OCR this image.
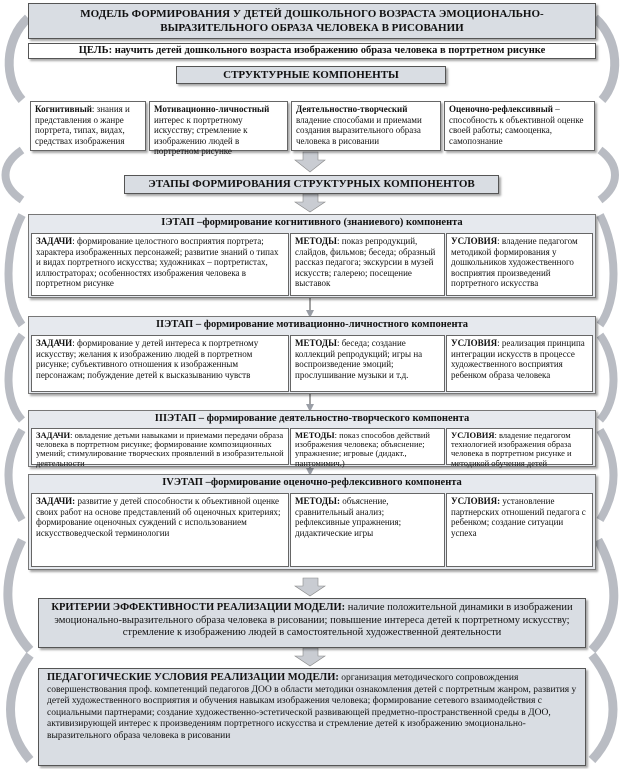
МОДЕЛЬ ФОРМИРОВАНИЯ У ДЕТЕЙ ДОШКОЛЬНОГО ВОЗРАСТА ЭМОЦИОНАЛЬНО-ВЫРАЗИТЕЛЬНОГО ОБРАЗА ЧЕЛОВЕКА В РИСОВАНИИ
ЦЕЛЬ: научить детей дошкольного возраста изображению образа человека в портретном рисунке
СТРУКТУРНЫЕ КОМПОНЕНТЫ
Когнитивный: знания и представления о жанре портрета, типах, видах, средствах изображения
Мотивационно-личностный интерес к портретному искусству; стремление к изображению людей в портретном рисунке
Деятельностно-творческий владение способами и приемами создания выразительного образа человека в рисовании
Оценочно-рефлексивный – способность к объективной оценке своей работы; самооценка, самопознание
ЭТАПЫ ФОРМИРОВАНИЯ СТРУКТУРНЫХ КОМПОНЕНТОВ
IЭТАП –формирование когнитивного (знаниевого) компонента
ЗАДАЧИ: формирование целостного восприятия портрета; характера изображенных персонажей; развитие знаний о типах и видах портретного искусства; художниках – портретистах, иллюстраторах; особенностях изображения человека в портретном рисунке
МЕТОДЫ: показ репродукций, слайдов, фильмов; беседа; образный рассказ педагога; экскурсии в музей искусств; галерею; посещение выставок
УСЛОВИЯ: владение педагогом методикой формирования у дошкольников художественного восприятия произведений портретного искусства
IIЭТАП – формирование мотивационно-личностного компонента
ЗАДАЧИ: формирование у детей интереса к портретному искусству; желания к изображению людей в портретном рисунке; субъективного отношения к изображенным персонажам; побуждение детей к высказыванию чувств
МЕТОДЫ: беседа; создание коллекций репродукций; игры на воспроизведение эмоций; прослушивание музыки и т.д.
УСЛОВИЯ: реализация принципа интеграции искусств в процессе художественного восприятия ребенком образа человека
IIIЭТАП – формирование деятельностно-творческого компонента
ЗАДАЧИ: овладение детьми навыками и приемами передачи образа человека в портретном рисунке; формирование композиционных умений; стимулирование творческих проявлений в изобразительной деятельности
МЕТОДЫ: показ способов действий изображения человека; объяснение; упражнение; игровые (дидакт., пантомимич.)
УСЛОВИЯ: владение педагогом технологией изображения образа человека в портретном рисунке и методикой обучения детей
IVЭТАП –формирование оценочно-рефлексивного компонента
ЗАДАЧИ: развитие у детей способности к объективной оценке своих работ на основе представлений об оценочных критериях; формирование оценочных суждений с использованием искусствоведческой терминологии
МЕТОДЫ: объяснение, сравнительный анализ; рефлексивные упражнения; дидактические игры
УСЛОВИЯ: установление партнерских отношений педагога с ребенком; создание ситуации успеха
КРИТЕРИИ ЭФФЕКТИВНОСТИ РЕАЛИЗАЦИИ МОДЕЛИ: наличие положительной динамики в изображении эмоционально-выразительного образа человека в рисовании; повышение интереса детей к портретному искусству; стремление к изображению людей в самостоятельной художественной деятельности
ПЕДАГОГИЧЕСКИЕ УСЛОВИЯ РЕАЛИЗАЦИИ МОДЕЛИ: организация методического сопровождения совершенствования проф. компетенций педагогов ДОО в области методики ознакомления детей с портретным жанром, развития у детей художественного восприятия и обучения навыкам изображения человека; формирование сетевого взаимодействия с социальными партнерами; создание художественно-эстетической развивающей предметно-пространственной среды в ДОО, активизирующей интерес к произведениям портретного искусства и стремление детей к изображению эмоционально-выразительного образа человека в рисовании
